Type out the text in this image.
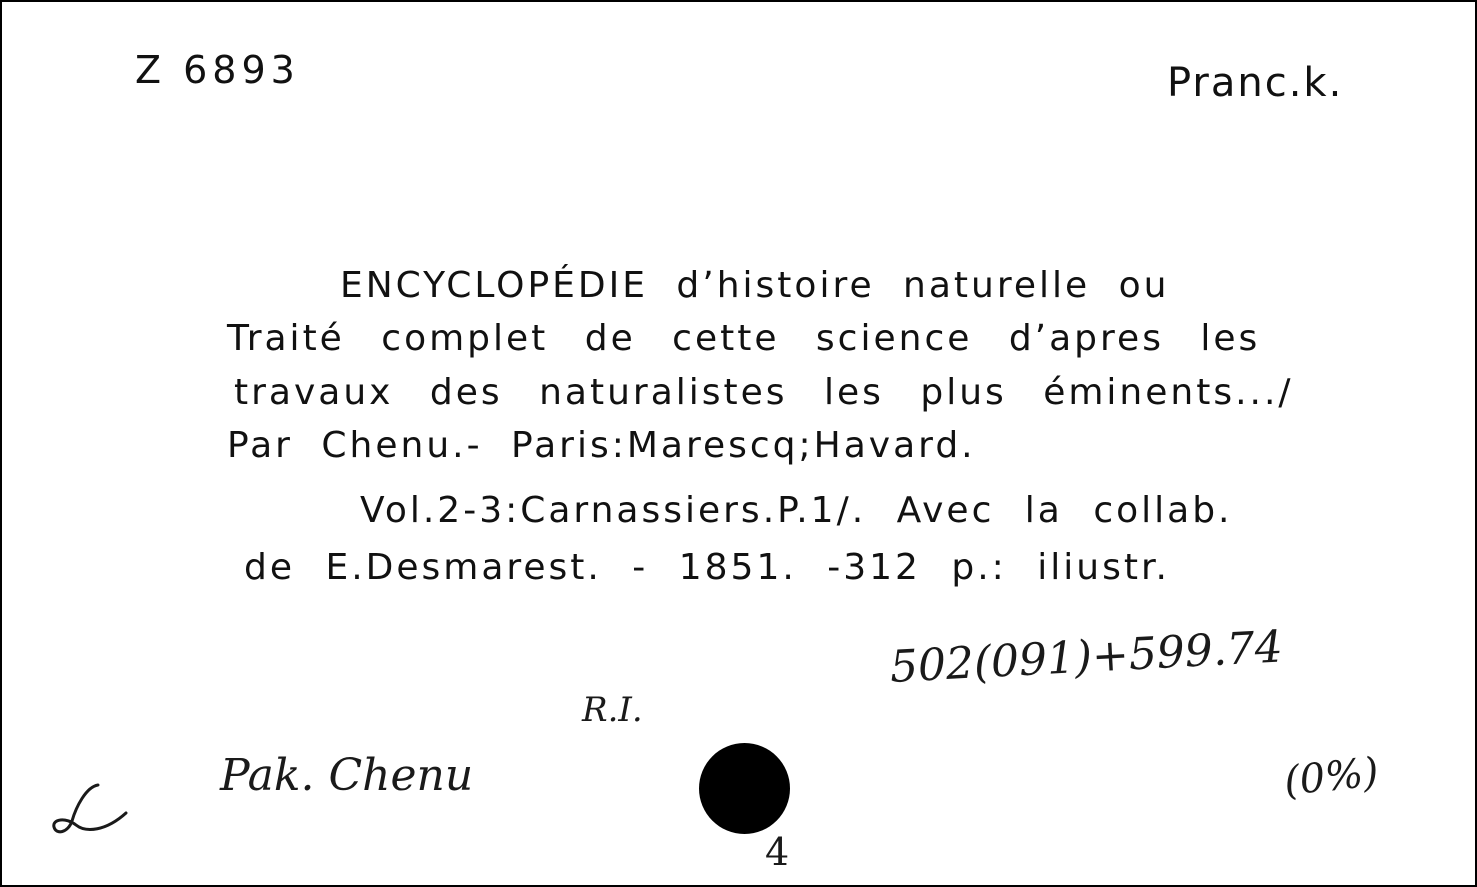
Z 6893	Pranc.k.
ENCYCLOPÉDIE d’histoire naturelle ou
Traité complet de cette science d’apres les
travaux des naturalistes les plus éminents.../
Par Chenu.- Paris:Marescq;Havard.
Vol.2-3:Carnassiers.P.1/. Avec la collab.
de E.Desmarest. - 1851. -312 p.: iliustr.
502(091)+599.74
R.I.
Pak. Chenu
4
(0%)
